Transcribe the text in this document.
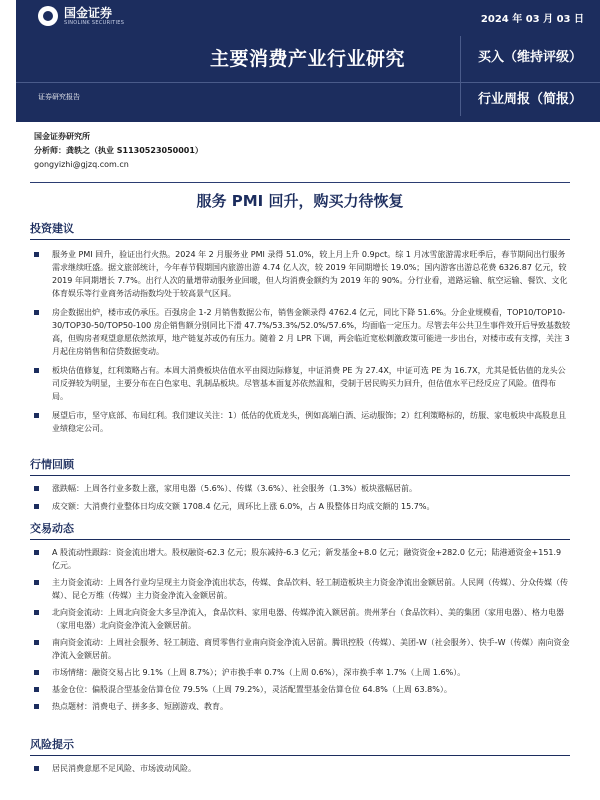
国金证券
SINOLINK SECURITIES	2024 年 03 月 03 日
主要消费产业行业研究	买入（维持评级）
证券研究报告	行业周报（简报）
国金证券研究所
分析师：龚轶之（执业 S1130523050001）
gongyizhi@gjzq.com.cn
服务 PMI 回升，购买力待恢复
投资建议
服务业 PMI 回升，验证出行火热。2024 年 2 月服务业 PMI 录得 51.0%，较上月上升 0.9pct。综 1 月冰雪旅游需求旺季后，春节期间出行服务需求继续旺盛。据文旅部统计，今年春节假期国内旅游出游 4.74 亿人次，较 2019 年同期增长 19.0%；国内游客出游总花费 6326.87 亿元，较 2019 年同期增长 7.7%。出行人次的量增带动服务业回暖，但人均消费金额约为 2019 年的 90%。分行业看，道路运输、航空运输、餐饮、文化体育娱乐等行业商务活动指数均处于较高景气区间。
房企数据出炉，楼市或仍承压。百强房企 1-2 月销售数据公布，销售金额录得 4762.4 亿元，同比下降 51.6%。分企业规模看，TOP10/TOP10-30/TOP30-50/TOP50-100 房企销售额分别同比下滑 47.7%/53.3%/52.0%/57.6%，均面临一定压力。尽管去年公共卫生事件效开后导致基数较高，但购房者观望意愿依然浓厚，地产链复苏或仍有压力。随着 2 月 LPR 下调，两会临近宽松刺激政策可能进一步出台，对楼市或有支撑，关注 3 月起住房销售和信贷数据变动。
板块估值修复，红利策略占有。本周大消费板块估值水平由阅边际修复，中证消费 PE 为 27.4X，中证可选 PE 为 16.7X，尤其是低估值的龙头公司反弹较为明显，主要分布在白色家电、乳制品板块。尽管基本面复苏依然温和，受制于居民购买力回升，但估值水平已经反应了风险。值得布局。
展望后市，坚守底部、布局红利。我们建议关注：1）低估的优质龙头，例如高端白酒、运动服饰；2）红利策略标的，纺服、家电板块中高股息且业绩稳定公司。
行情回顾
涨跌幅：上周各行业多数上涨，家用电器（5.6%）、传媒（3.6%）、社会服务（1.3%）板块涨幅居前。
成交额：大消费行业整体日均成交额 1708.4 亿元，周环比上涨 6.0%，占 A 股整体日均成交额的 15.7%。
交易动态
A 股流动性跟踪：资金流出增大。股权融资-62.3 亿元；股东减持-6.3 亿元；新发基金+8.0 亿元；融资资金+282.0 亿元；陆港通资金+151.9 亿元。
主力资金流动：上周各行业均呈现主力资金净流出状态，传媒、食品饮料、轻工制造板块主力资金净流出金额居前。人民网（传媒）、分众传媒（传媒）、昆仑万维（传媒）主力资金净流入金额居前。
北向资金流动：上周北向资金大多呈净流入，食品饮料、家用电器、传媒净流入额居前。贵州茅台（食品饮料）、美的集团（家用电器）、格力电器（家用电器）北向资金净流入金额居前。
南向资金流动：上周社会服务、轻工制造、商贸零售行业南向资金净流入居前。腾讯控股（传媒）、美团-W（社会服务）、快手-W（传媒）南向资金净流入金额居前。
市场情绪：融资交易占比 9.1%（上周 8.7%）；沪市换手率 0.7%（上周 0.6%），深市换手率 1.7%（上周 1.6%）。
基金仓位：偏股混合型基金估算仓位 79.5%（上周 79.2%），灵活配置型基金估算仓位 64.8%（上周 63.8%）。
热点题材：消费电子、拼多多、短剧游戏、教育。
风险提示
居民消费意愿不足风险、市场波动风险。
